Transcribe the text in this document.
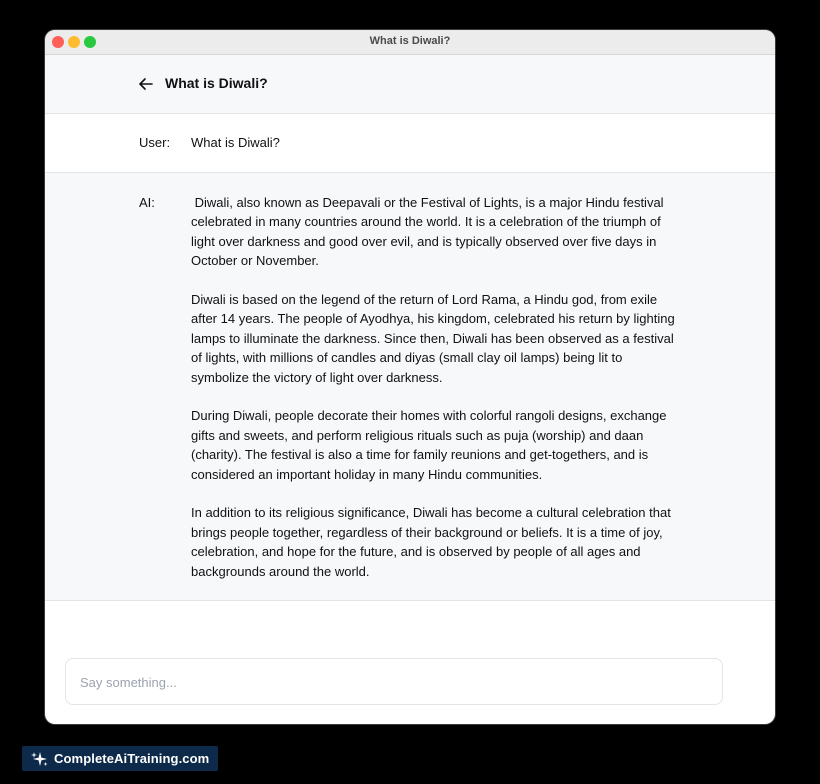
What is Diwali?
What is Diwali?
User:	What is Diwali?
AI:	Diwali, also known as Deepavali or the Festival of Lights, is a major Hindu festival celebrated in many countries around the world. It is a celebration of the triumph of light over darkness and good over evil, and is typically observed over five days in October or November.

Diwali is based on the legend of the return of Lord Rama, a Hindu god, from exile after 14 years. The people of Ayodhya, his kingdom, celebrated his return by lighting lamps to illuminate the darkness. Since then, Diwali has been observed as a festival of lights, with millions of candles and diyas (small clay oil lamps) being lit to symbolize the victory of light over darkness.

During Diwali, people decorate their homes with colorful rangoli designs, exchange gifts and sweets, and perform religious rituals such as puja (worship) and daan (charity). The festival is also a time for family reunions and get-togethers, and is considered an important holiday in many Hindu communities.

In addition to its religious significance, Diwali has become a cultural celebration that brings people together, regardless of their background or beliefs. It is a time of joy, celebration, and hope for the future, and is observed by people of all ages and backgrounds around the world.

Say something...
CompleteAiTraining.com
